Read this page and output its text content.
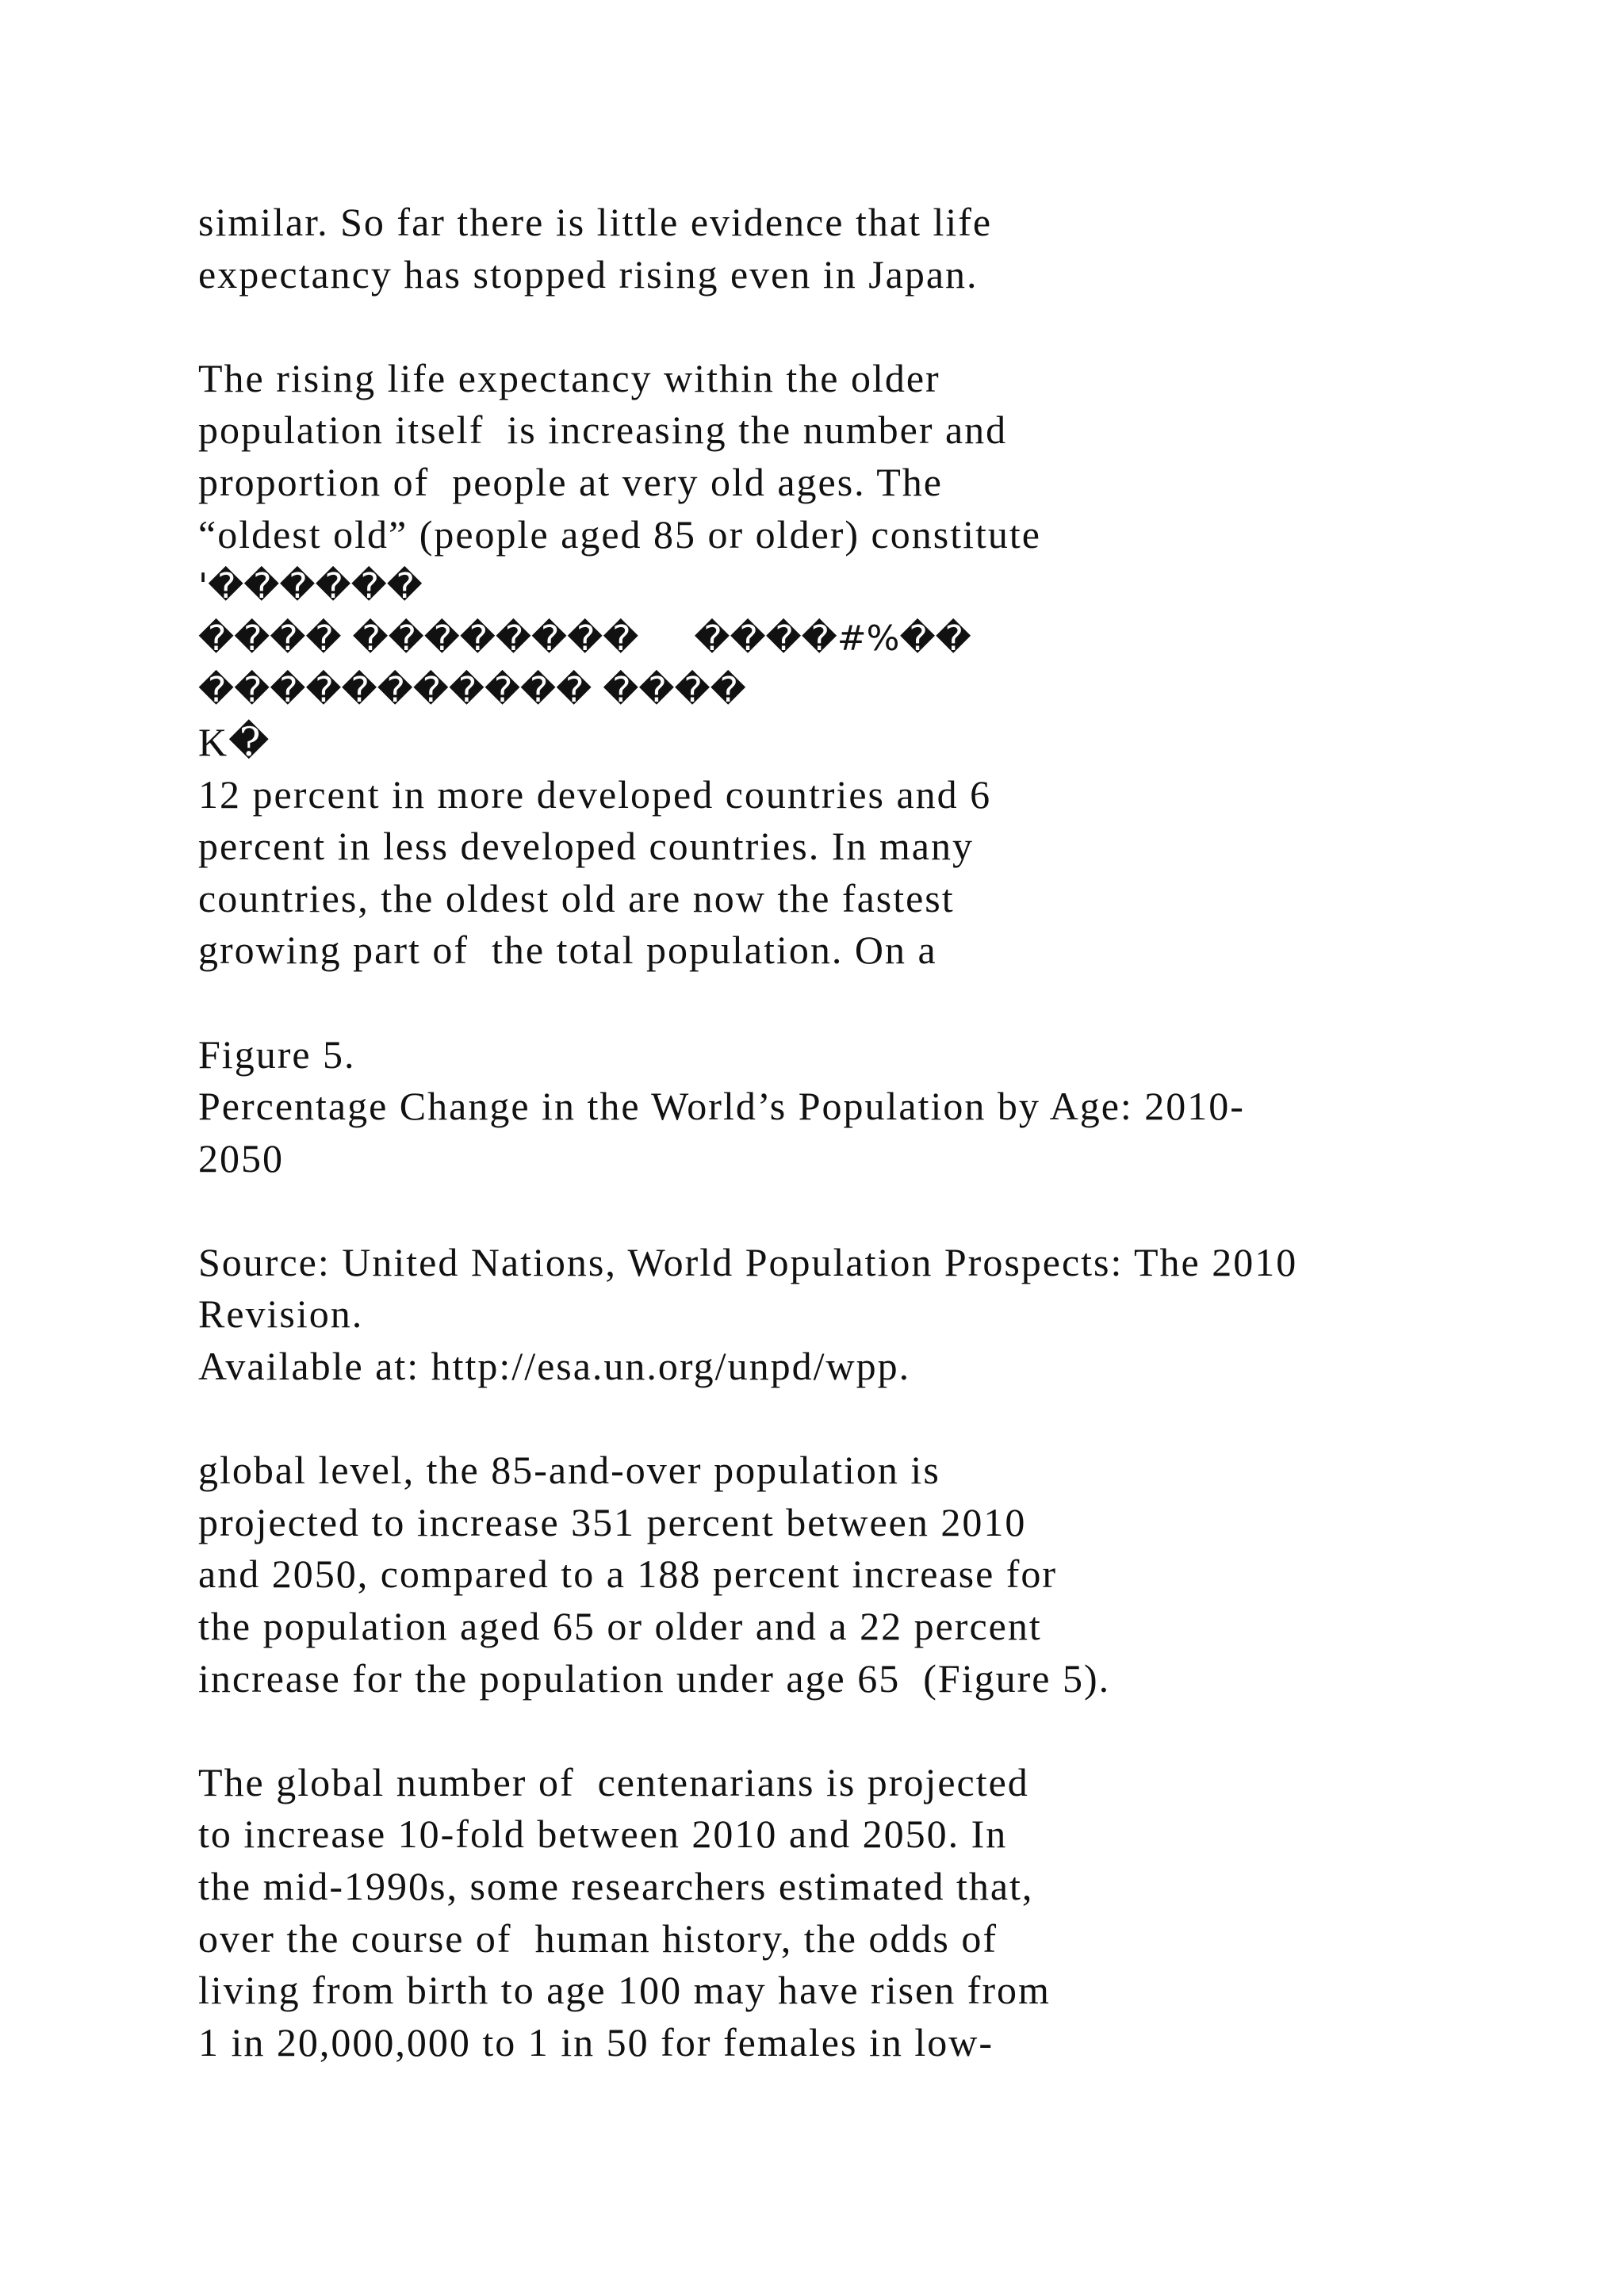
similar. So far there is little evidence that life
expectancy has stopped rising even in Japan.
The rising life expectancy within the older
population itself  is increasing the number and
proportion of  people at very old ages. The
“oldest old” (people aged 85 or older) constitute
'������
���� ��������     ����#%��
����������� ����
K�
12 percent in more developed countries and 6
percent in less developed countries. In many
countries, the oldest old are now the fastest
growing part of  the total population. On a
Figure 5.
Percentage Change in the World’s Population by Age: 2010-
2050
Source: United Nations, World Population Prospects: The 2010
Revision.
Available at: http://esa.un.org/unpd/wpp.
global level, the 85-and-over population is
projected to increase 351 percent between 2010
and 2050, compared to a 188 percent increase for
the population aged 65 or older and a 22 percent
increase for the population under age 65  (Figure 5).
The global number of  centenarians is projected
to increase 10-fold between 2010 and 2050. In
the mid-1990s, some researchers estimated that,
over the course of  human history, the odds of
living from birth to age 100 may have risen from
1 in 20,000,000 to 1 in 50 for females in low-
